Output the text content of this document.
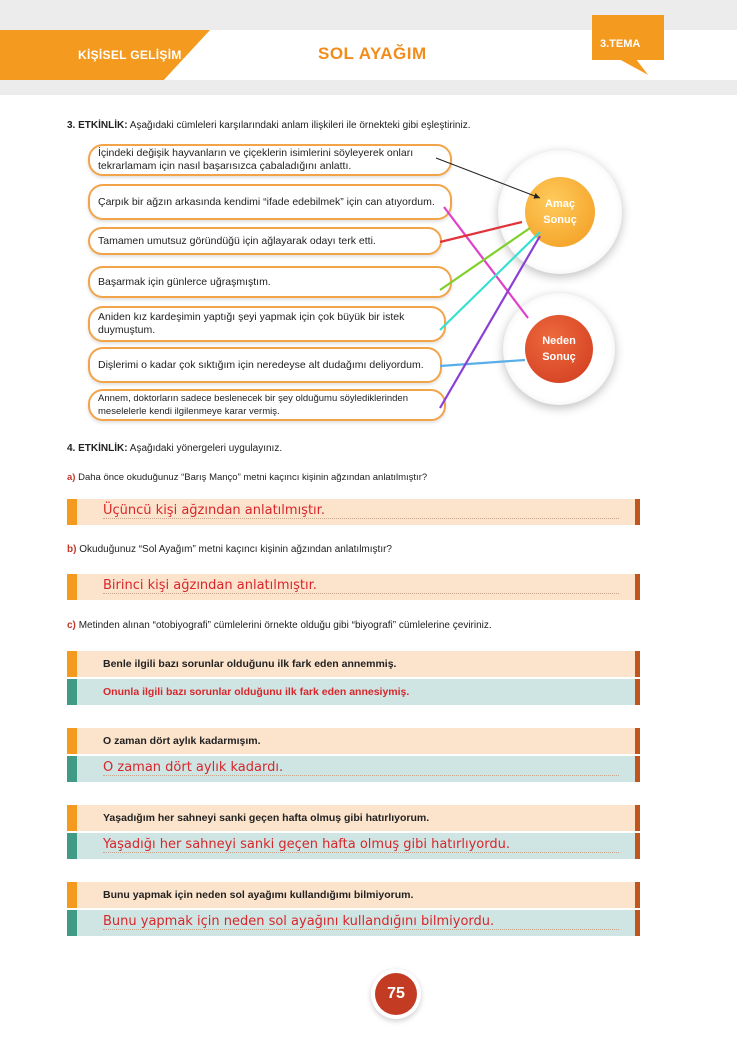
KİŞİSEL GELİŞİM	SOL AYAĞIM	3.TEMA
3. ETKİNLİK: Aşağıdaki cümleleri karşılarındaki anlam ilişkileri ile örnekteki gibi eşleştiriniz.
İçindeki değişik hayvanların ve çiçeklerin isimlerini söyleyerek onları tekrarlamam için nasıl başarısızca çabaladığını anlattı.
Çarpık bir ağzın arkasında kendimi “ifade edebilmek” için can atıyordum.
Tamamen umutsuz göründüğü için ağlayarak odayı terk etti.
Başarmak için günlerce uğraşmıştım.
Aniden kız kardeşimin yaptığı şeyi yapmak için çok büyük bir istek duymuştum.
Dişlerimi o kadar çok sıktığım için neredeyse alt dudağımı deliyordum.
Annem, doktorların sadece beslenecek bir şey olduğumu söylediklerinden meselelerle kendi ilgilenmeye karar vermiş.
Amaç
Sonuç
Neden
Sonuç
4. ETKİNLİK: Aşağıdaki yönergeleri uygulayınız.
a) Daha önce okuduğunuz “Barış Manço” metni kaçıncı kişinin ağzından anlatılmıştır?
Üçüncü kişi ağzından anlatılmıştır.
b) Okuduğunuz “Sol Ayağım” metni kaçıncı kişinin ağzından anlatılmıştır?
Birinci kişi ağzından anlatılmıştır.
c) Metinden alınan “otobiyografi” cümlelerini örnekte olduğu gibi “biyografi” cümlelerine çeviriniz.
Benle ilgili bazı sorunlar olduğunu ilk fark eden annemmiş.
Onunla ilgili bazı sorunlar olduğunu ilk fark eden annesiymiş.
O zaman dört aylık kadarmışım.
O zaman dört aylık kadardı.
Yaşadığım her sahneyi sanki geçen hafta olmuş gibi hatırlıyorum.
Yaşadığı her sahneyi sanki geçen hafta olmuş gibi hatırlıyordu.
Bunu yapmak için neden sol ayağımı kullandığımı bilmiyorum.
Bunu yapmak için neden sol ayağını kullandığını bilmiyordu.
75
